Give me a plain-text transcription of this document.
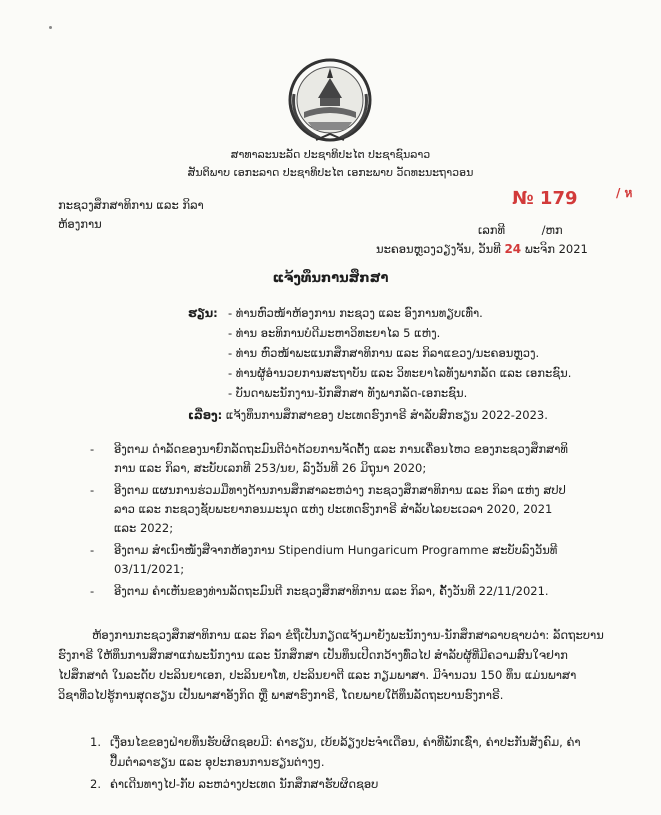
ສາທາລະນະລັດ ປະຊາທິປະໄຕ ປະຊາຊົນລາວ
ສັນຕິພາບ ເອກະລາດ ປະຊາທິປະໄຕ ເອກະພາບ ວັດທະນະຖາວອນ
ກະຊວງສຶກສາທິການ ແລະ ກິລາ
ຫ້ອງການ
№ 179	/ ห
ເລກທີ          /ຫກ
ນະຄອນຫຼວງວຽງຈັນ, ວັນທີ 24 ພະຈິກ 2021
ແຈ້ງທຶນການສຶກສາ
ຮຽນ: - ທ່ານຫົວໜ້າຫ້ອງການ ກະຊວງ ແລະ ອົງການທຽບເທົ່າ.
- ທ່ານ ອະທິການບໍດີມະຫາວິທະຍາໄລ 5 ແຫ່ງ.
- ທ່ານ ຫົວໜ້າພະແນກສຶກສາທິການ ແລະ ກິລາແຂວງ/ນະຄອນຫຼວງ.
- ທ່ານຜູ້ອຳນວຍການສະຖາບັນ ແລະ ວິທະຍາໄລທັງພາກລັດ ແລະ ເອກະຊົນ.
- ບັນດາພະນັກງານ-ນັກສຶກສາ ທັງພາກລັດ-ເອກະຊົນ.
ເລື່ອງ: ແຈ້ງທຶນການສຶກສາຂອງ ປະເທດຮົງກາຣີ ສຳລັບສົກຮຽນ 2022-2023.
- ອີງຕາມ ດຳລັດຂອງນາຍົກລັດຖະມົນຕີວ່າດ້ວຍການຈັດຕັ້ງ ແລະ ການເຄື່ອນໄຫວ ຂອງກະຊວງສຶກສາທິ
ການ ແລະ ກິລາ, ສະບັບເລກທີ 253/ນຍ, ລົງວັນທີ 26 ມິຖຸນາ 2020;
- ອີງຕາມ ແຜນການຮ່ວມມືທາງດ້ານການສຶກສາລະຫວ່າງ ກະຊວງສຶກສາທິການ ແລະ ກິລາ ແຫ່ງ ສປປ
ລາວ ແລະ ກະຊວງຊັບພະຍາກອນມະນຸດ ແຫ່ງ ປະເທດຮົງກາຣີ ສຳລັບໄລຍະເວລາ 2020, 2021
ແລະ 2022;
- ອີງຕາມ ສຳເນົາໜັງສືຈາກຫ້ອງການ Stipendium Hungaricum Programme ສະບັບລົງວັນທີ
03/11/2021;
- ອີງຕາມ ຄຳເຫັນຂອງທ່ານລັດຖະມົນຕີ ກະຊວງສຶກສາທິການ ແລະ ກິລາ, ຄັ້ງວັນທີ 22/11/2021.
ຫ້ອງການກະຊວງສຶກສາທິການ ແລະ ກິລາ ຂໍຖືເປັນກຽດແຈ້ງມາຍັງພະນັກງານ-ນັກສຶກສາລາບຊາບວ່າ: ລັດຖະບານ
ຮົງກາຣີ ໃຫ້ທຶນການສຶກສາແກ່ພະນັກງານ ແລະ ນັກສຶກສາ ເປັນທຶນເປີດກວ້າງທົ່ວໄປ ສຳລັບຜູ້ທີ່ມີຄວາມສົນໃຈຢາກ
ໄປສຶກສາຕໍ່ ໃນລະດັບ ປະລິນຍາເອກ, ປະລິນຍາໂທ, ປະລິນຍາຕີ ແລະ ກຽມພາສາ. ມີຈຳນວນ 150 ທຶນ ແມ່ນພາສາ
ວິຊາທີ່ວໄປຮູ້ການສຸດຮຽນ ເປັນພາສາອັງກິດ ຫຼື ພາສາຮົງກາຣີ, ໂດຍພາຍໃຕ້ທຶນລັດຖະບານຮົງກາຣີ.
1. ເງື່ອນໄຂຂອງຝ່າຍທຶນຮັບຜິດຊອບມີ: ຄ່າຮຽນ, ເບ້ຍລ້ຽງປະຈຳເດືອນ, ຄ່າທີ່ພັກເຊົ່າ, ຄ່າປະກັນສັງຄົມ, ຄ່າ
ປຶ້ມຕຳລາຮຽນ ແລະ ອຸປະກອນການຮຽນຕ່າງໆ.
2. ຄ່າເດີນທາງໄປ-ກັບ ລະຫວ່າງປະເທດ ນັກສຶກສາຮັບຜິດຊອບ
